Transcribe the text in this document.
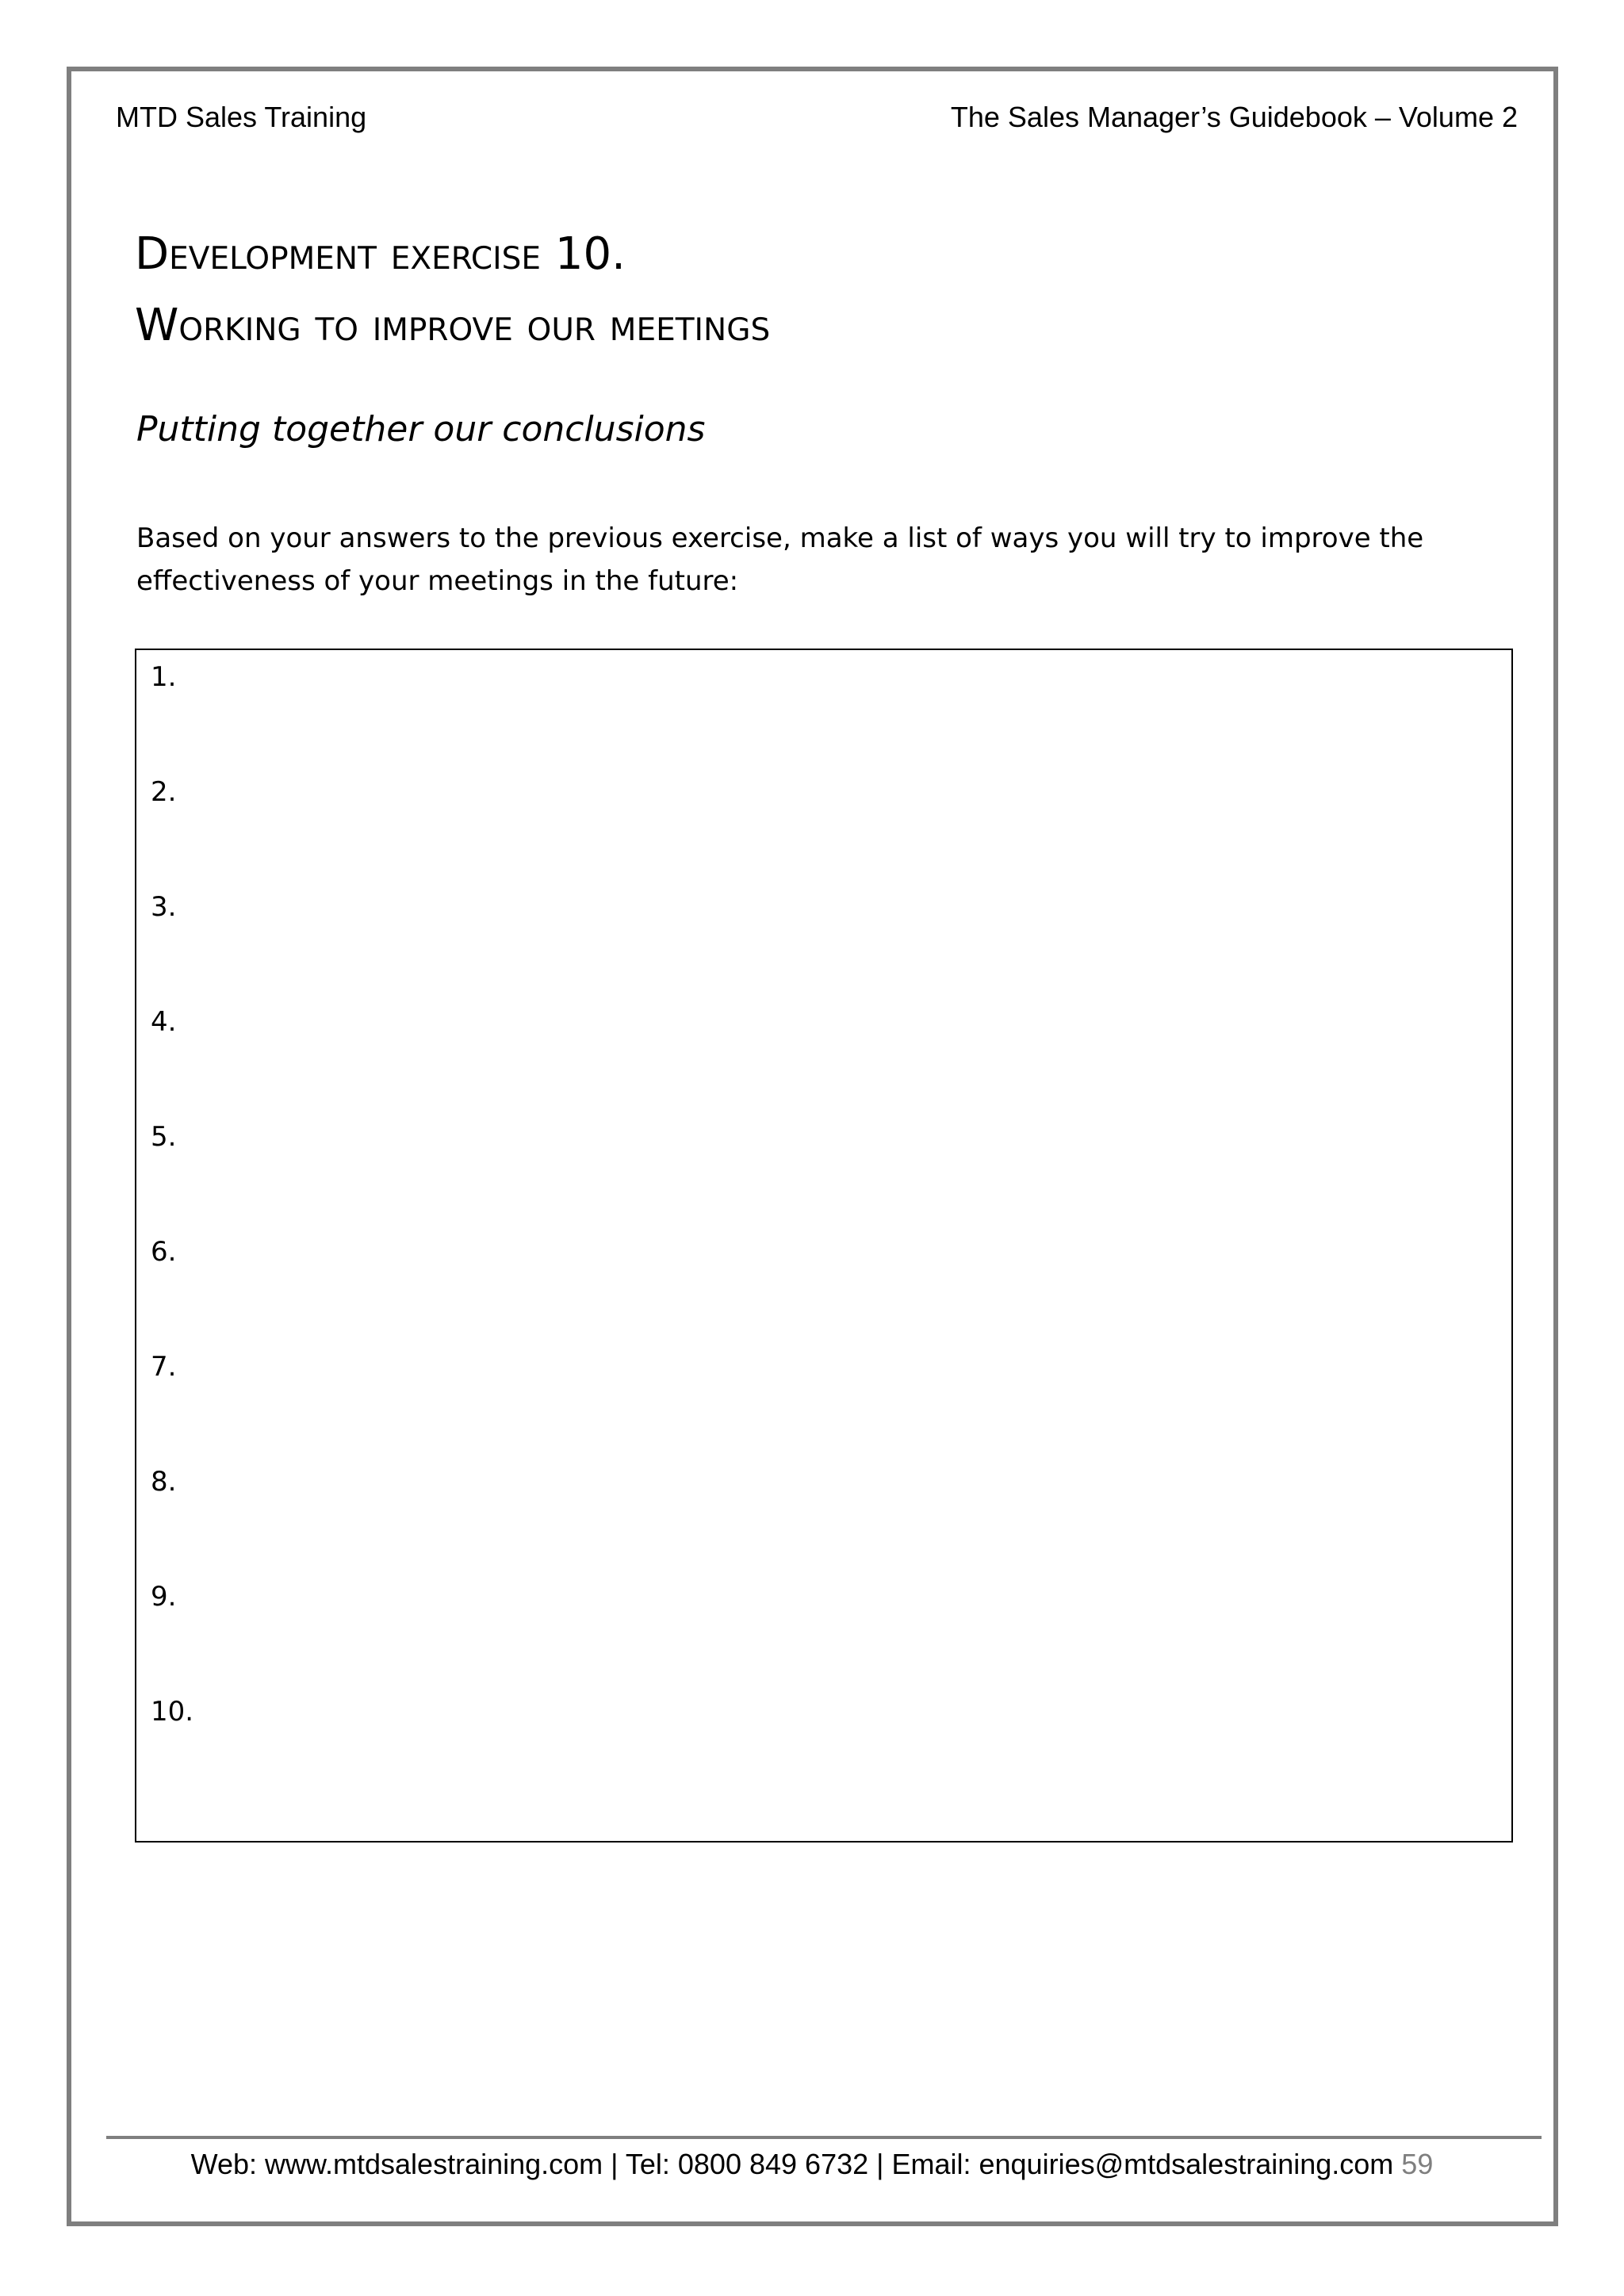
MTD Sales Training	The Sales Manager’s Guidebook – Volume 2
Development exercise 10.
Working to improve our meetings
Putting together our conclusions
Based on your answers to the previous exercise, make a list of ways you will try to improve the effectiveness of your meetings in the future:
1.
2.
3.
4.
5.
6.
7.
8.
9.
10.
Web: www.mtdsalestraining.com | Tel: 0800 849 6732 | Email: enquiries@mtdsalestraining.com 59
